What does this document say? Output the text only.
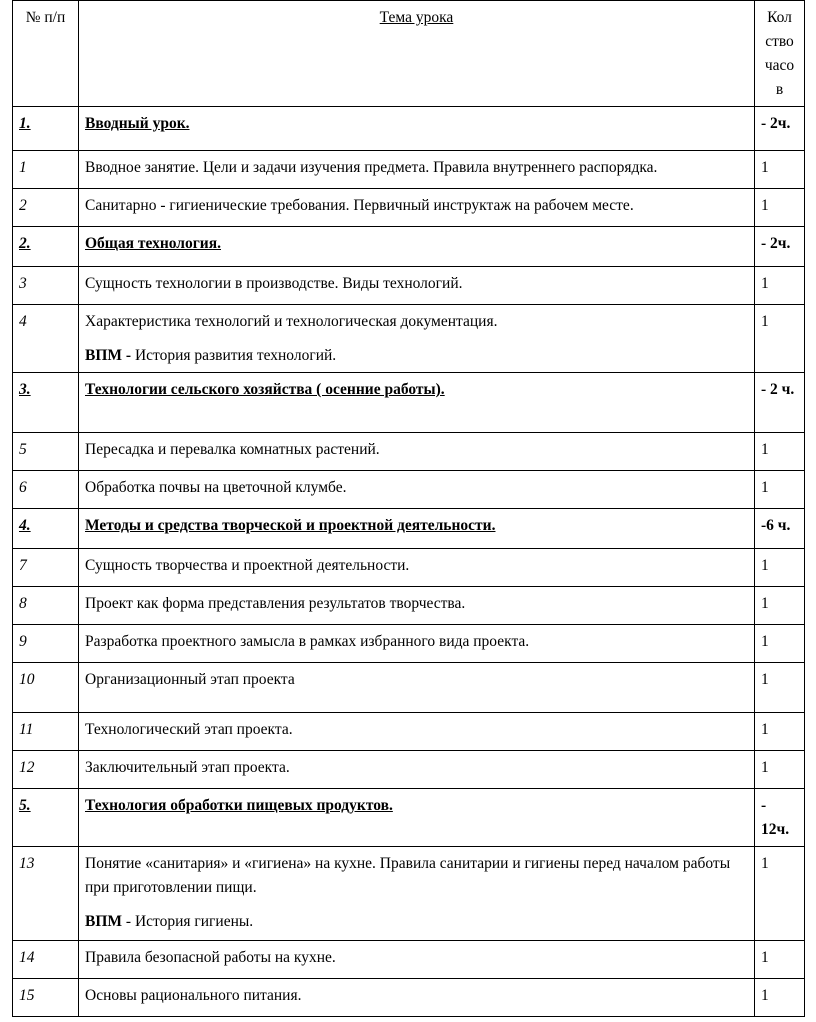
№ п/п	Тема урока	Кол ство часо в
1.	Вводный урок.	- 2ч.
1	Вводное занятие. Цели и задачи изучения предмета. Правила внутреннего распорядка.	1
2	Санитарно - гигиенические требования. Первичный инструктаж на рабочем месте.	1
2.	Общая технология.	- 2ч.
3	Сущность технологии в производстве. Виды технологий.	1
4	Характеристика технологий и технологическая документация.
ВПМ - История развития технологий.	1
3.	Технологии сельского хозяйства ( осенние работы).	- 2 ч.
5	Пересадка и перевалка комнатных растений.	1
6	Обработка почвы на цветочной клумбе.	1
4.	Методы и средства творческой и проектной деятельности.	-6 ч.
7	Сущность творчества и проектной деятельности.	1
8	Проект как форма представления результатов творчества.	1
9	Разработка проектного замысла в рамках избранного вида проекта.	1
10	Организационный этап проекта	1
11	Технологический этап проекта.	1
12	Заключительный этап проекта.	1
5.	Технология обработки пищевых продуктов.	- 12ч.
13	Понятие «санитария» и «гигиена» на кухне. Правила санитарии и гигиены перед началом работы при приготовлении пищи.
ВПМ - История гигиены.	1
14	Правила безопасной работы на кухне.	1
15	Основы рационального питания.	1
